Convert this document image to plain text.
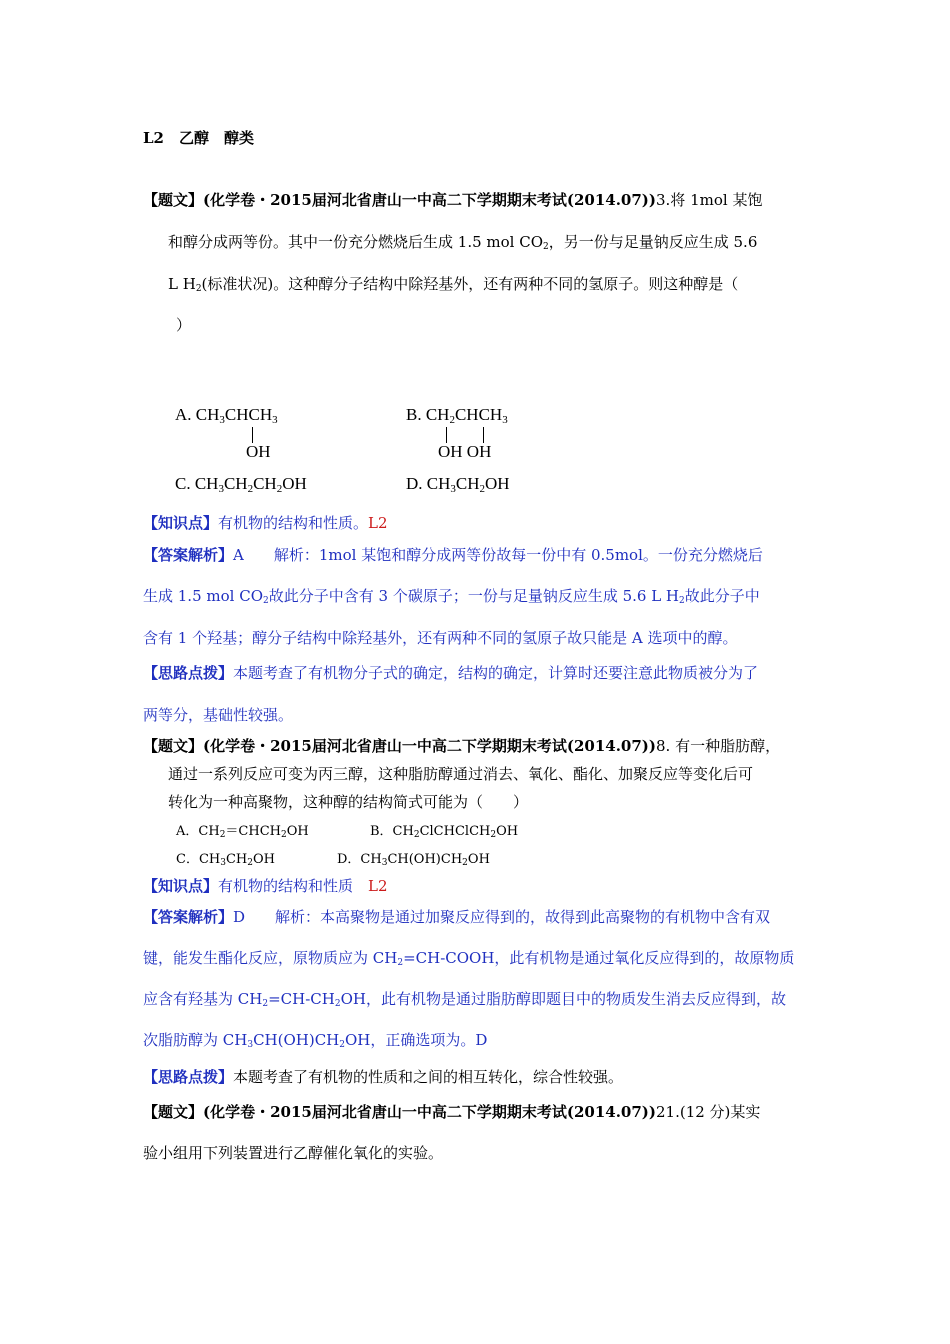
L2　乙醇　醇类
【题文】(化学卷・2015届河北省唐山一中高二下学期期末考试(2014.07))3.将 1mol 某饱
和醇分成两等份。其中一份充分燃烧后生成 1.5 mol $CO_2$，另一份与足量钠反应生成 5.6
L $H_2$(标准状况)。这种醇分子结构中除羟基外，还有两种不同的氢原子。则这种醇是（
）
A. CH3CHCH3
OH
B. CH2CHCH3
OH OH
C. CH3CH2CH2OH	D. CH3CH2OH
【知识点】有机物的结构和性质。L2
【答案解析】A　　解析：1mol 某饱和醇分成两等份故每一份中有 0.5mol。一份充分燃烧后
生成 1.5 mol $CO_2$故此分子中含有 3 个碳原子；一份与足量钠反应生成 5.6 L $H_2$故此分子中
含有 1 个羟基；醇分子结构中除羟基外，还有两种不同的氢原子故只能是 A 选项中的醇。
【思路点拨】本题考查了有机物分子式的确定，结构的确定，计算时还要注意此物质被分为了
两等分，基础性较强。
【题文】(化学卷・2015届河北省唐山一中高二下学期期末考试(2014.07))8. 有一种脂肪醇，
通过一系列反应可变为丙三醇，这种脂肪醇通过消去、氧化、酯化、加聚反应等变化后可
转化为一种高聚物，这种醇的结构简式可能为（　　）
A．$CH_2=CHCH_2OH$	B．$CH_2ClCHClCH_2OH$
C．$CH_3CH_2OH$	D．$CH_3CH(OH)CH_2OH$
【知识点】有机物的结构和性质　 L2
【答案解析】D　　解析：本高聚物是通过加聚反应得到的，故得到此高聚物的有机物中含有双
键，能发生酯化反应，原物质应为 $CH_2=CH$-COOH，此有机物是通过氧化反应得到的，故原物质
应含有羟基为 $CH_2=CH-CH_2OH$，此有机物是通过脂肪醇即题目中的物质发生消去反应得到，故
次脂肪醇为 $CH_3CH(OH)CH_2OH$，正确选项为。D
【思路点拨】本题考查了有机物的性质和之间的相互转化，综合性较强。
【题文】(化学卷・2015届河北省唐山一中高二下学期期末考试(2014.07))21.(12 分)某实
验小组用下列装置进行乙醇催化氧化的实验。
